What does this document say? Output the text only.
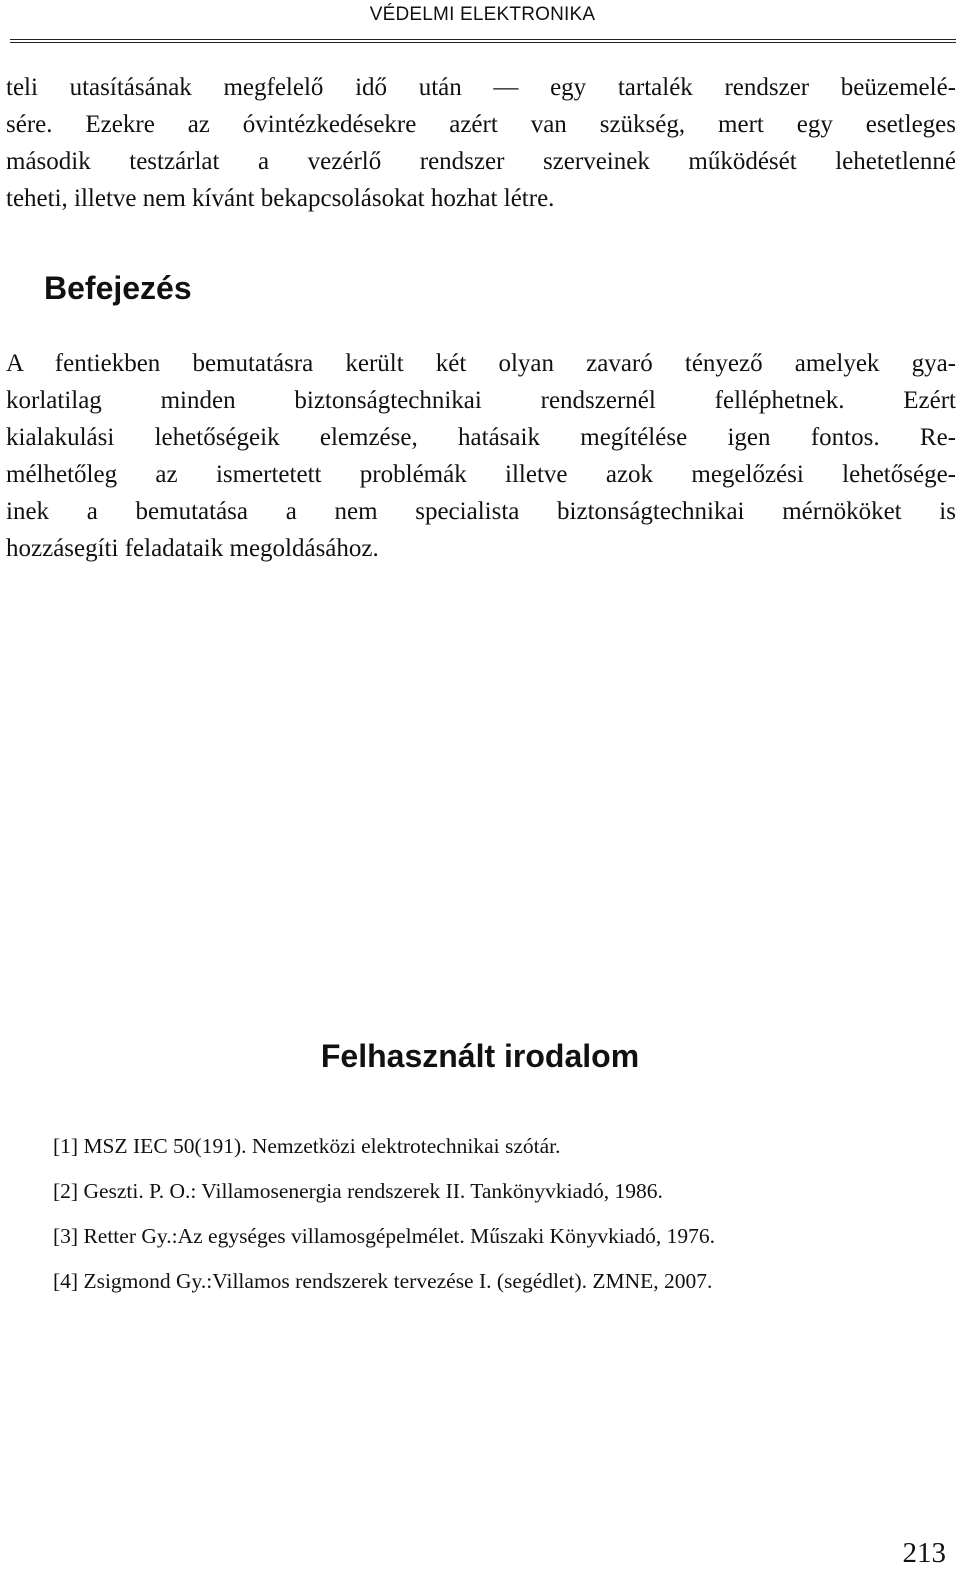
VÉDELMI ELEKTRONIKA

teli utasításának megfelelő idő után — egy tartalék rendszer beüzemelé-
sére. Ezekre az óvintézkedésekre azért van szükség, mert egy esetleges
második testzárlat a vezérlő rendszer szerveinek működését lehetetlenné
teheti, illetve nem kívánt bekapcsolásokat hozhat létre.

Befejezés

A fentiekben bemutatásra került két olyan zavaró tényező amelyek gya-
korlatilag minden biztonságtechnikai rendszernél felléphetnek. Ezért
kialakulási lehetőségeik elemzése, hatásaik megítélése igen fontos. Re-
mélhetőleg az ismertetett problémák illetve azok megelőzési lehetősége-
inek a bemutatása a nem specialista biztonságtechnikai mérnököket is
hozzásegíti feladataik megoldásához.

Felhasznált irodalom
[1] MSZ IEC 50(191). Nemzetközi elektrotechnikai szótár.
[2] Geszti. P. O.: Villamosenergia rendszerek II. Tankönyvkiadó, 1986.
[3] Retter Gy.:Az egységes villamosgépelmélet. Műszaki Könyvkiadó, 1976.
[4] Zsigmond Gy.:Villamos rendszerek tervezése I. (segédlet). ZMNE, 2007.
213
